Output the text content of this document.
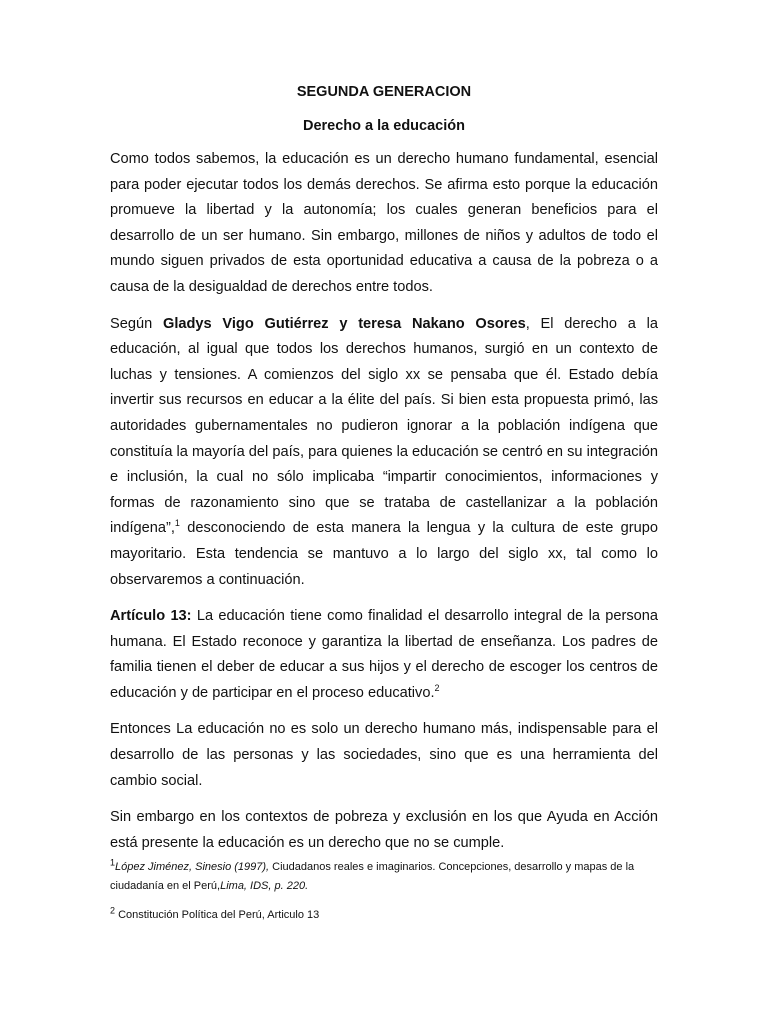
SEGUNDA GENERACION
Derecho a la educación

Como todos sabemos, la educación es un derecho humano fundamental, esencial para poder ejecutar todos los demás derechos. Se afirma esto porque la educación promueve la libertad y la autonomía; los cuales generan beneficios para el desarrollo de un ser humano. Sin embargo, millones de niños y adultos de todo el mundo siguen privados de esta oportunidad educativa a causa de la pobreza o a causa de la desigualdad de derechos entre todos.

Según Gladys Vigo Gutiérrez y teresa Nakano Osores, El derecho a la educación, al igual que todos los derechos humanos, surgió en un contexto de luchas y tensiones. A comienzos del siglo xx se pensaba que él. Estado debía invertir sus recursos en educar a la élite del país. Si bien esta propuesta primó, las autoridades gubernamentales no pudieron ignorar a la población indígena que constituía la mayoría del país, para quienes la educación se centró en su integración e inclusión, la cual no sólo implicaba “impartir conocimientos, informaciones y formas de razonamiento sino que se trataba de castellanizar a la población indígena”,$^1$ desconociendo de esta manera la lengua y la cultura de este grupo mayoritario. Esta tendencia se mantuvo a lo largo del siglo xx, tal como lo observaremos a continuación.

Artículo 13: La educación tiene como finalidad el desarrollo integral de la persona humana. El Estado reconoce y garantiza la libertad de enseñanza. Los padres de familia tienen el deber de educar a sus hijos y el derecho de escoger los centros de educación y de participar en el proceso educativo.$^2$

Entonces La educación no es solo un derecho humano más, indispensable para el desarrollo de las personas y las sociedades, sino que es una herramienta del cambio social.

Sin embargo en los contextos de pobreza y exclusión en los que Ayuda en Acción está presente la educación es un derecho que no se cumple.

$^1$López Jiménez, Sinesio (1997), Ciudadanos reales e imaginarios. Concepciones, desarrollo y mapas de la ciudadanía en el Perú,Lima, IDS, p. 220.
$^2$ Constitución Política del Perú, Articulo 13
